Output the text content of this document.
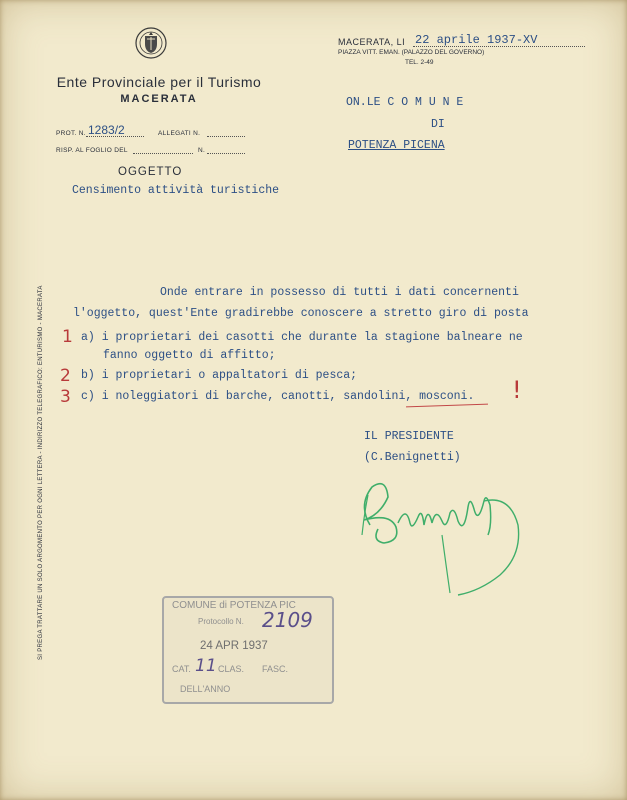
Ente Provinciale per il Turismo
MACERATA
PROT. N. 1283/2	ALLEGATI N.
RISP. AL FOGLIO DEL	N.
OGGETTO
Censimento attività turistiche
MACERATA, LI 22 aprile 1937-XV
PIAZZA VITT. EMAN. (PALAZZO DEL GOVERNO)
TEL. 2-49
ON.LE C O M U N E
DI
POTENZA PICENA
SI PREGA TRATTARE UN SOLO ARGOMENTO PER OGNI LETTERA - INDIRIZZO TELEGRAFICO: ENTURISMO - MACERATA	Onde entrare in possesso di tutti i dati concernenti
l'oggetto, quest'Ente gradirebbe conoscere a stretto giro di posta
a) i proprietari dei casotti che durante la stagione balneare ne
fanno oggetto di affitto;
b) i proprietari o appaltatori di pesca;
c) i noleggiatori di barche, canotti, sandolini, mosconi.
1
2
3	!
IL PRESIDENTE
(C.Benignetti)
COMUNE di POTENZA PIC
Protocollo N. 2109
24 APR 1937
CAT. 11 CLAS. FASC.
DELL'ANNO
